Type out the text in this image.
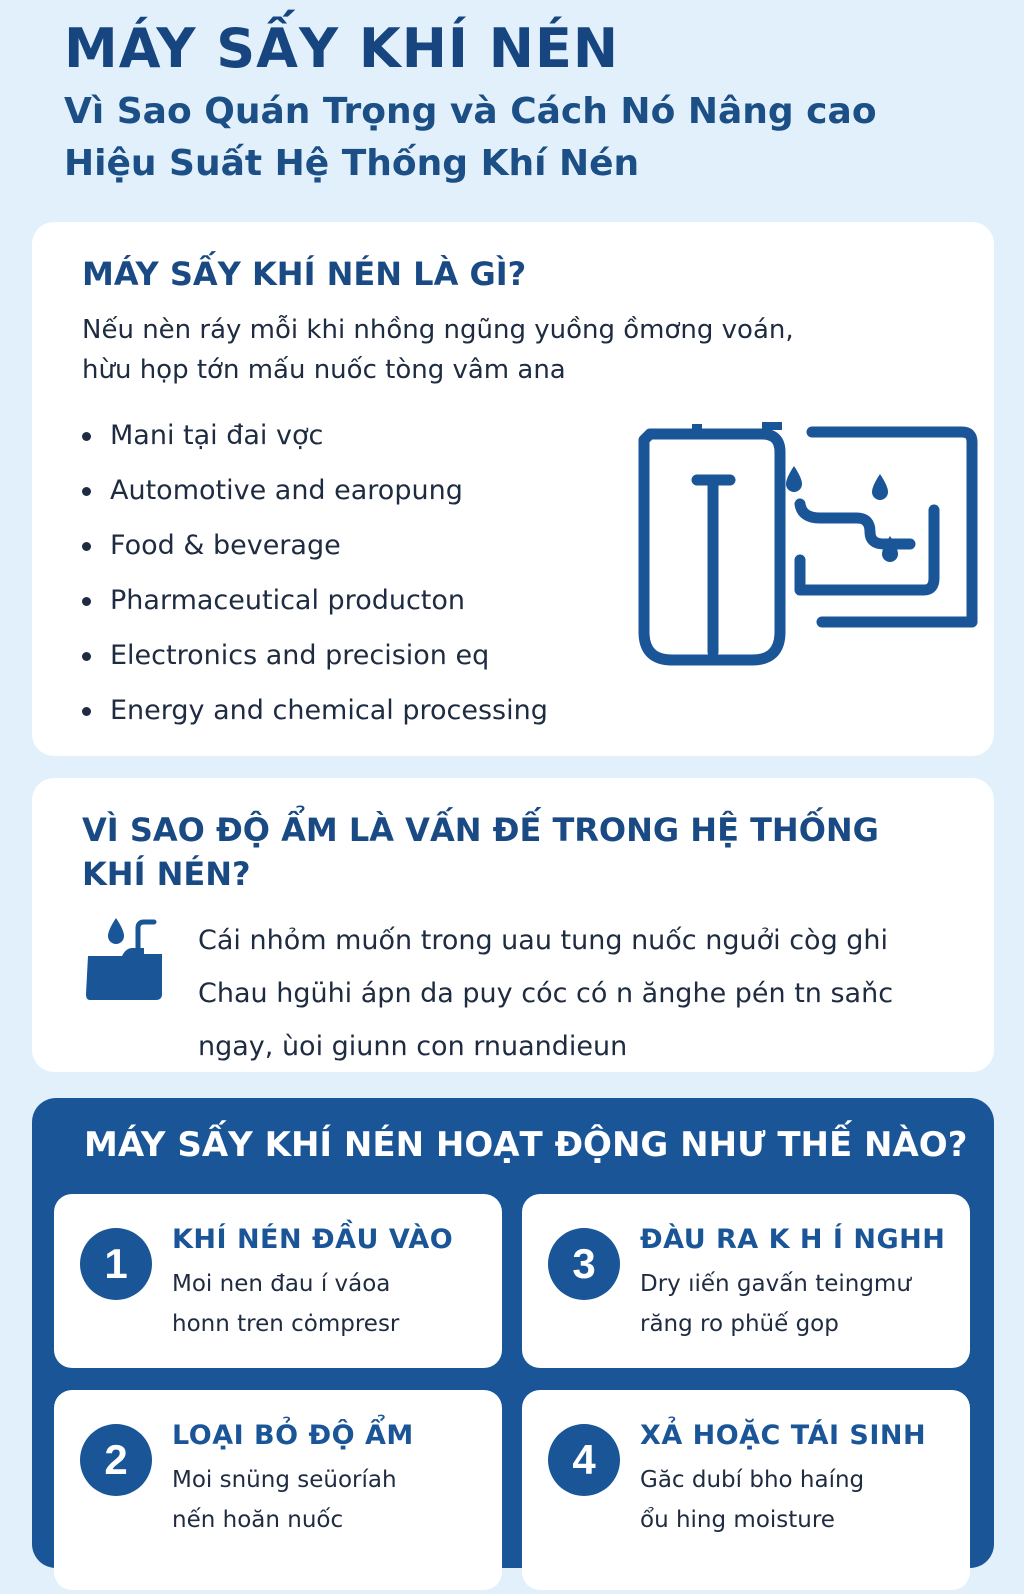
MÁY SẤY KHÍ NÉN
Vì Sao Quán Trọng và Cách Nó Nâng cao
Hiệu Suất Hệ Thống Khí Nén
MÁY SẤY KHÍ NÉN LÀ GÌ?
Nếu nèn ráy mỗi khi nhồng ngũng yuồng ồmơng voán,
hừu họp tớn mấu nuốc tòng vâm ana
Mani tại đai vợc
Automotive and earopung
Food & beverage
Pharmaceutical producton
Electronics and precision eq
Energy and chemical processing
VÌ SAO ĐỘ ẨM LÀ VẤN ĐẾ TRONG HỆ THỐNG KHÍ NÉN?
Cái nhỏm muốn trong uau tung nuốc nguởi còg ghi
Chau hgühi ápn da puy cóc có n ănghe pén tn saňc
ngay, ùoi giunn con rnuandieun
MÁY SẤY KHÍ NÉN HOẠT ĐỘNG NHƯ THẾ NÀO?
1
KHÍ NÉN ĐẦU VÀO
Moi nen đau í váoa
honn tren cȯmpresr
3
ĐÀU RA K H Í NGHH
Dry ıiến ɡavấn teingmư
răng ro phüế gop
2
LOẠI BỎ ĐỘ ẨM
Moi snüng seüoríah
nến hoăn nuốc
4
XẢ HOẶC TÁI SINH
Găc dubí bho haíng
ổu hing moisture
